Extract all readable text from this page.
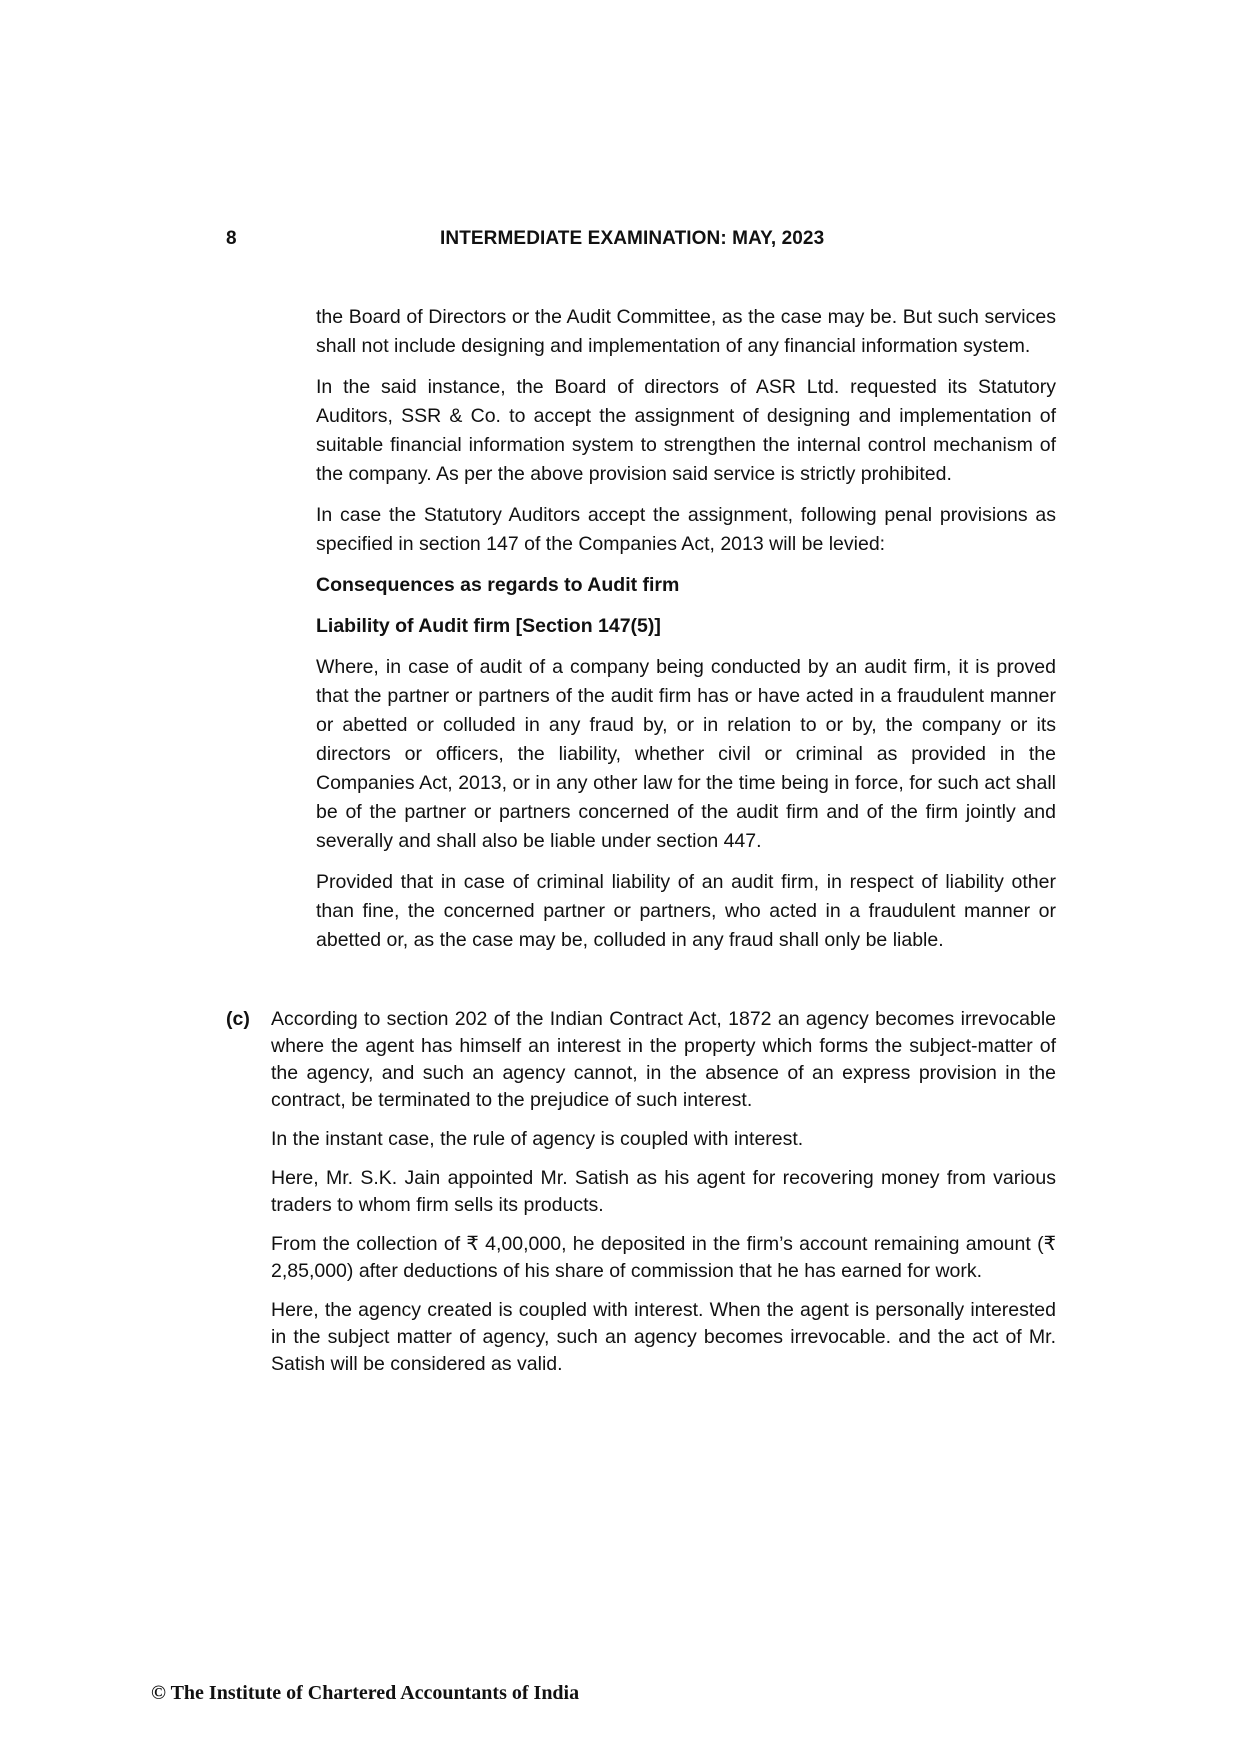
8	INTERMEDIATE EXAMINATION: MAY, 2023

the Board of Directors or the Audit Committee, as the case may be. But such services shall not include designing and implementation of any financial information system.

In the said instance, the Board of directors of ASR Ltd. requested its Statutory Auditors, SSR & Co. to accept the assignment of designing and implementation of suitable financial information system to strengthen the internal control mechanism of the company. As per the above provision said service is strictly prohibited.

In case the Statutory Auditors accept the assignment, following penal provisions as specified in section 147 of the Companies Act, 2013 will be levied:

Consequences as regards to Audit firm

Liability of Audit firm [Section 147(5)]

Where, in case of audit of a company being conducted by an audit firm, it is proved that the partner or partners of the audit firm has or have acted in a fraudulent manner or abetted or colluded in any fraud by, or in relation to or by, the company or its directors or officers, the liability, whether civil or criminal as provided in the Companies Act, 2013, or in any other law for the time being in force, for such act shall be of the partner or partners concerned of the audit firm and of the firm jointly and severally and shall also be liable under section 447.

Provided that in case of criminal liability of an audit firm, in respect of liability other than fine, the concerned partner or partners, who acted in a fraudulent manner or abetted or, as the case may be, colluded in any fraud shall only be liable.

(c) According to section 202 of the Indian Contract Act, 1872 an agency becomes irrevocable where the agent has himself an interest in the property which forms the subject-matter of the agency, and such an agency cannot, in the absence of an express provision in the contract, be terminated to the prejudice of such interest.

In the instant case, the rule of agency is coupled with interest.

Here, Mr. S.K. Jain appointed Mr. Satish as his agent for recovering money from various traders to whom firm sells its products.

From the collection of ₹ 4,00,000, he deposited in the firm’s account remaining amount (₹ 2,85,000) after deductions of his share of commission that he has earned for work.

Here, the agency created is coupled with interest. When the agent is personally interested in the subject matter of agency, such an agency becomes irrevocable. and the act of Mr. Satish will be considered as valid.

© The Institute of Chartered Accountants of India
